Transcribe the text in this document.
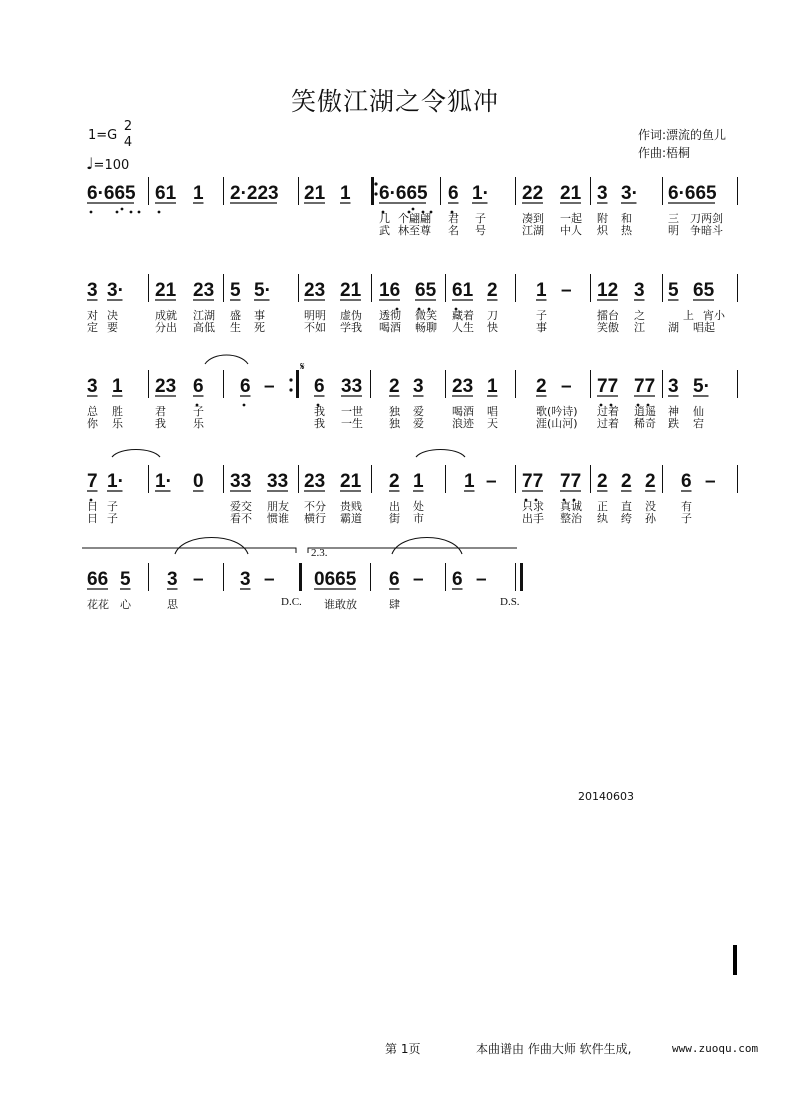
笑傲江湖之令狐冲
1=G
2
4
♩=100
作词:漂流的鱼儿
作曲:梧桐
6·665 61 1 2·223 21 1 6·665 6 1· 22 21 3 3· 6·665
几 个翩翩 君 子	凑到 一起 附 和	三 刀两剑
武 林至尊 名 号	江湖 中人 炽 热	明 争暗斗
3 3· 21 23 5 5· 23 21 16 65 61 2 1 – 12 3 5 65
对 决	成就 江湖 盛 事	明明 虚伪 透彻 微笑 藏着 刀	子	擂台 之	上 宵小
定 要	分出 高低 生 死	不如 学我 喝酒 畅聊 人生 快	事	笑傲 江 湖 唱起
3 1 23 6 6 – 6 33 2 3 23 1 2 – 77 77 3 5·
总 胜	君 子	我 一世 独 爱	喝酒 唱	歌(吟诗) 过着 逍遥 神 仙
你 乐	我 乐	我 一生 独 爱	浪迹 天	涯(山河) 过着 稀奇 跌 宕
7 1· 1· 0 33 33 23 21 2 1 1 – 77 77 2 2 2 6 –
日 子	爱交 朋友 不分 贵贱 出 处	只求 真诚 正 直 没 有
日 子	看不 惯谁 横行 霸道 街 市	出手 整治 纨 绔 孙 子
66 5 3 – 3 – 0665 6 – 6 –
花花 心	思	谁敢放	肆
2.3.
𝄋
D.C.	D.S.
20140603
第 1页	本曲谱由 作曲大师 软件生成,	www.zuoqu.com
